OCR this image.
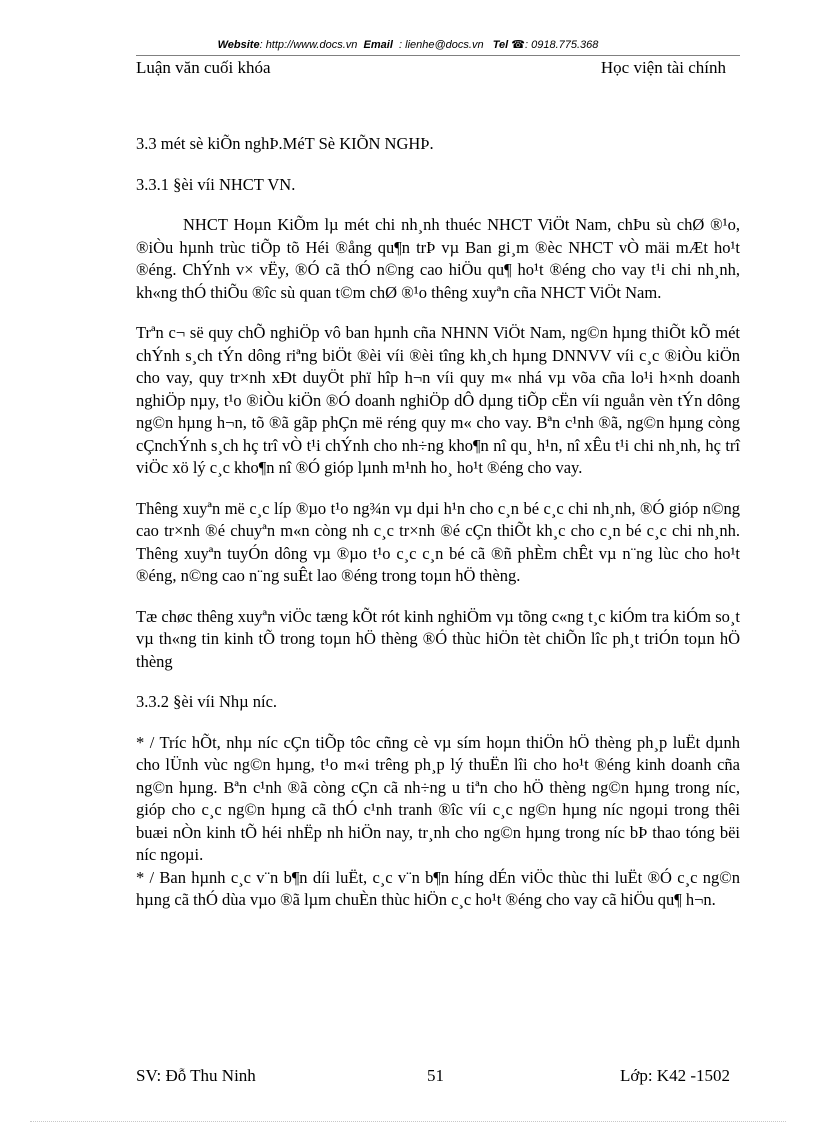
Website: http://www.docs.vn Email : lienhe@docs.vn Tel ☎: 0918.775.368
Luận văn cuối khóa	Học viện tài chính
3.3 mét sè kiÕn nghÞ.MéT Sè KIÕN NGHÞ.
3.3.1 §èi víi NHCT VN.

NHCT Hoµn KiÕm lµ mét chi nh¸nh thuéc NHCT ViÖt Nam, chÞu sù chØ ®¹o, ®iÒu hµnh trùc tiÕp tõ Héi ®ång qu¶n trÞ vµ Ban gi¸m ®èc NHCT vÒ mäi mÆt ho¹t ®éng. ChÝnh v× vËy, ®Ó cã thÓ n©ng cao hiÖu qu¶ ho¹t ®éng cho vay t¹i chi nh¸nh, kh«ng thÓ thiÕu ®îc sù quan t©m chØ ®¹o thêng xuyªn cña NHCT ViÖt Nam.

Trªn c¬ së quy chÕ nghiÖp vô ban hµnh cña NHNN ViÖt Nam, ng©n hµng thiÕt kÕ mét chÝnh s¸ch tÝn dông riªng biÖt ®èi víi ®èi tîng kh¸ch hµng DNNVV víi c¸c ®iÒu kiÖn cho vay, quy tr×nh xÐt duyÖt phï hîp h¬n víi quy m« nhá vµ võa cña lo¹i h×nh doanh nghiÖp nµy, t¹o ®iÒu kiÖn ®Ó doanh nghiÖp dÔ dµng tiÕp cËn víi nguån vèn tÝn dông ng©n hµng h¬n, tõ ®ã gãp phÇn më réng quy m« cho vay. Bªn c¹nh ®ã, ng©n hµng còng cÇnchÝnh s¸ch hç trî vÒ t¹i chÝnh cho nh÷ng kho¶n nî qu¸ h¹n, nî xÊu t¹i chi nh¸nh, hç trî viÖc xö lý c¸c kho¶n nî ®Ó gióp lµnh m¹nh ho¸ ho¹t ®éng cho vay.

Thêng xuyªn më c¸c líp ®µo t¹o ng¾n vµ dµi h¹n cho c¸n bé c¸c chi nh¸nh, ®Ó gióp n©ng cao tr×nh ®é chuyªn m«n còng nh c¸c tr×nh ®é cÇn thiÕt kh¸c cho c¸n bé c¸c chi nh¸nh. Thêng xuyªn tuyÓn dông vµ ®µo t¹o c¸c c¸n bé cã ®ñ phÈm chÊt vµ n¨ng lùc cho ho¹t ®éng, n©ng cao n¨ng suÊt lao ®éng trong toµn hÖ thèng.

Tæ chøc thêng xuyªn viÖc tæng kÕt rót kinh nghiÖm vµ tõng c«ng t¸c kiÓm tra kiÓm so¸t vµ th«ng tin kinh tÕ trong toµn hÖ thèng ®Ó thùc hiÖn tèt chiÕn lîc ph¸t triÓn toµn hÖ thèng

3.3.2 §èi víi Nhµ níc.

* / Tríc hÕt, nhµ níc cÇn tiÕp tôc cñng cè vµ sím hoµn thiÖn hÖ thèng ph¸p luËt dµnh cho lÜnh vùc ng©n hµng, t¹o m«i trêng ph¸p lý thuËn lîi cho ho¹t ®éng kinh doanh cña ng©n hµng. Bªn c¹nh ®ã còng cÇn cã nh÷ng u tiªn cho hÖ thèng ng©n hµng trong níc, gióp cho c¸c ng©n hµng cã thÓ c¹nh tranh ®îc víi c¸c ng©n hµng níc ngoµi trong thêi buæi nÒn kinh tÕ héi nhËp nh hiÖn nay, tr¸nh cho ng©n hµng trong níc bÞ thao tóng bëi níc ngoµi.

* / Ban hµnh c¸c v¨n b¶n díi luËt, c¸c v¨n b¶n híng dÉn viÖc thùc thi luËt ®Ó c¸c ng©n hµng cã thÓ dùa vµo ®ã lµm chuÈn thùc hiÖn c¸c ho¹t ®éng cho vay cã hiÖu qu¶ h¬n.

SV: Đỗ Thu Ninh	51	Lớp: K42 -1502
